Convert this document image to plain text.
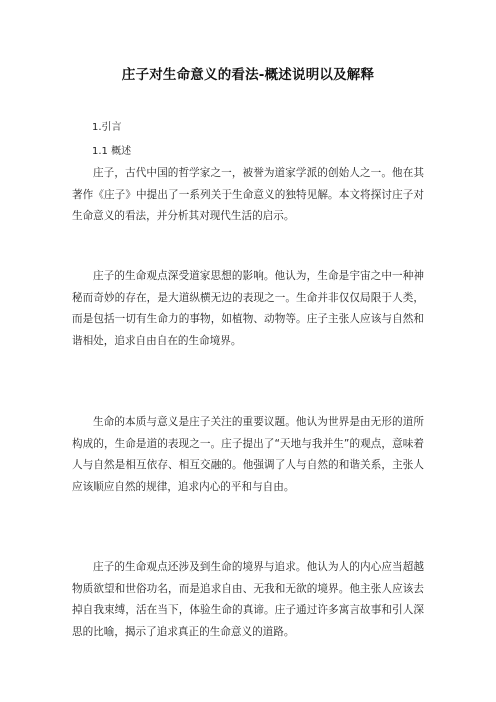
庄子对生命意义的看法-概述说明以及解释
1.引言
1.1 概述

庄子，古代中国的哲学家之一，被誉为道家学派的创始人之一。他在其著作《庄子》中提出了一系列关于生命意义的独特见解。本文将探讨庄子对生命意义的看法，并分析其对现代生活的启示。

庄子的生命观点深受道家思想的影响。他认为，生命是宇宙之中一种神秘而奇妙的存在，是大道纵横无边的表现之一。生命并非仅仅局限于人类，而是包括一切有生命力的事物，如植物、动物等。庄子主张人应该与自然和谐相处，追求自由自在的生命境界。

生命的本质与意义是庄子关注的重要议题。他认为世界是由无形的道所构成的，生命是道的表现之一。庄子提出了“天地与我并生”的观点，意味着人与自然是相互依存、相互交融的。他强调了人与自然的和谐关系，主张人应该顺应自然的规律，追求内心的平和与自由。

庄子的生命观点还涉及到生命的境界与追求。他认为人的内心应当超越物质欲望和世俗功名，而是追求自由、无我和无欲的境界。他主张人应该去掉自我束缚，活在当下，体验生命的真谛。庄子通过许多寓言故事和引人深思的比喻，揭示了追求真正的生命意义的道路。
